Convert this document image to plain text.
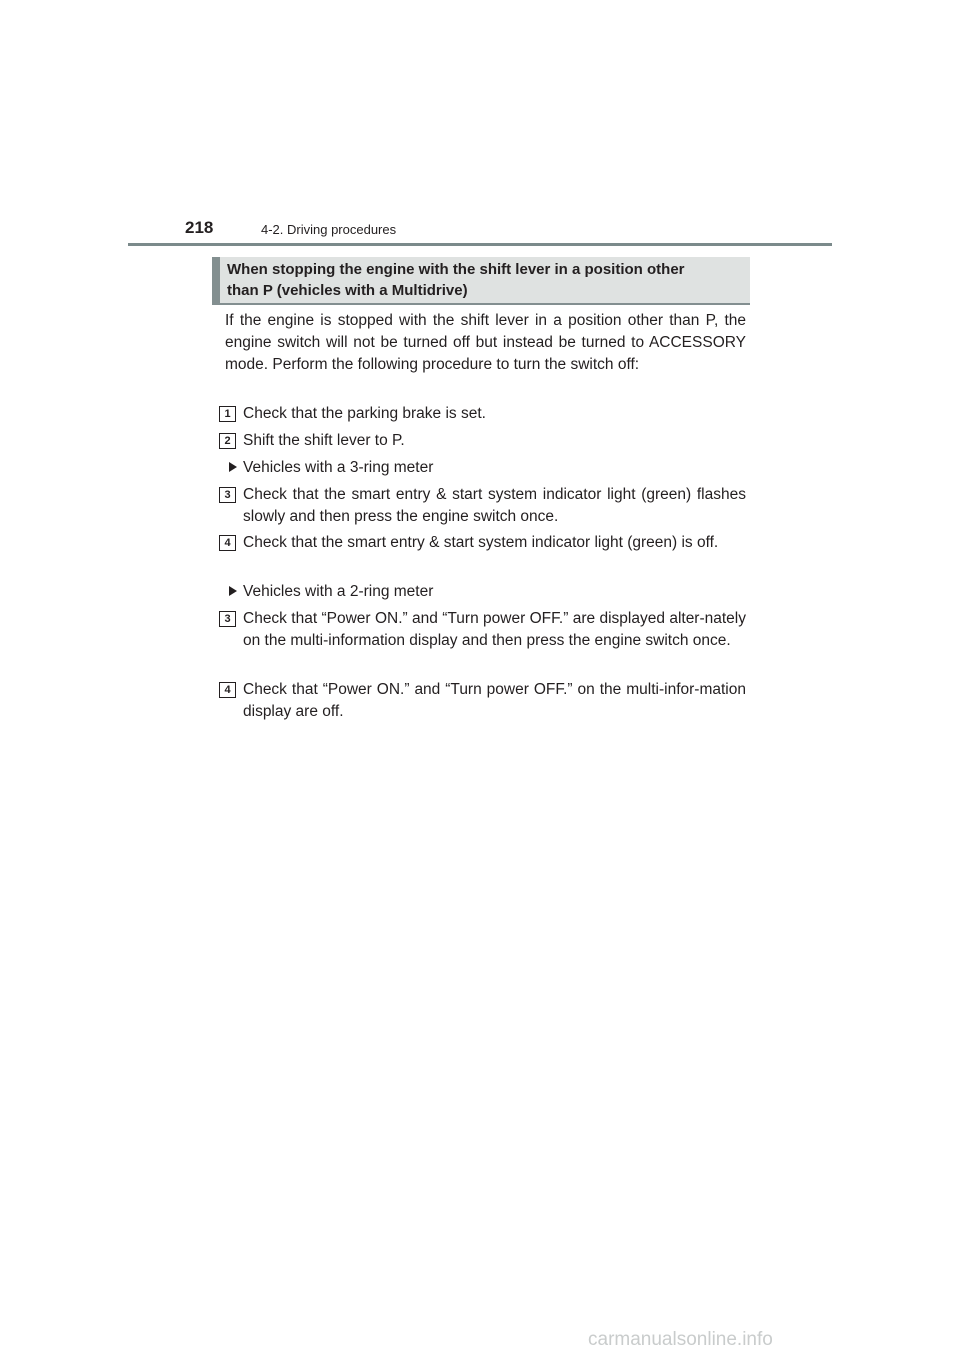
218	4-2. Driving procedures
When stopping the engine with the shift lever in a position other
than P (vehicles with a Multidrive)
If the engine is stopped with the shift lever in a position other than P, the engine switch will not be turned off but instead be turned to ACCESSORY mode. Perform the following procedure to turn the switch off:
1 Check that the parking brake is set.
2 Shift the shift lever to P.
Vehicles with a 3-ring meter
3 Check that the smart entry & start system indicator light (green) flashes slowly and then press the engine switch once.
4 Check that the smart entry & start system indicator light (green) is off.
Vehicles with a 2-ring meter
3 Check that “Power ON.” and “Turn power OFF.” are displayed alter-nately on the multi-information display and then press the engine switch once.
4 Check that “Power ON.” and “Turn power OFF.” on the multi-infor-mation display are off.
carmanualsonline.info
